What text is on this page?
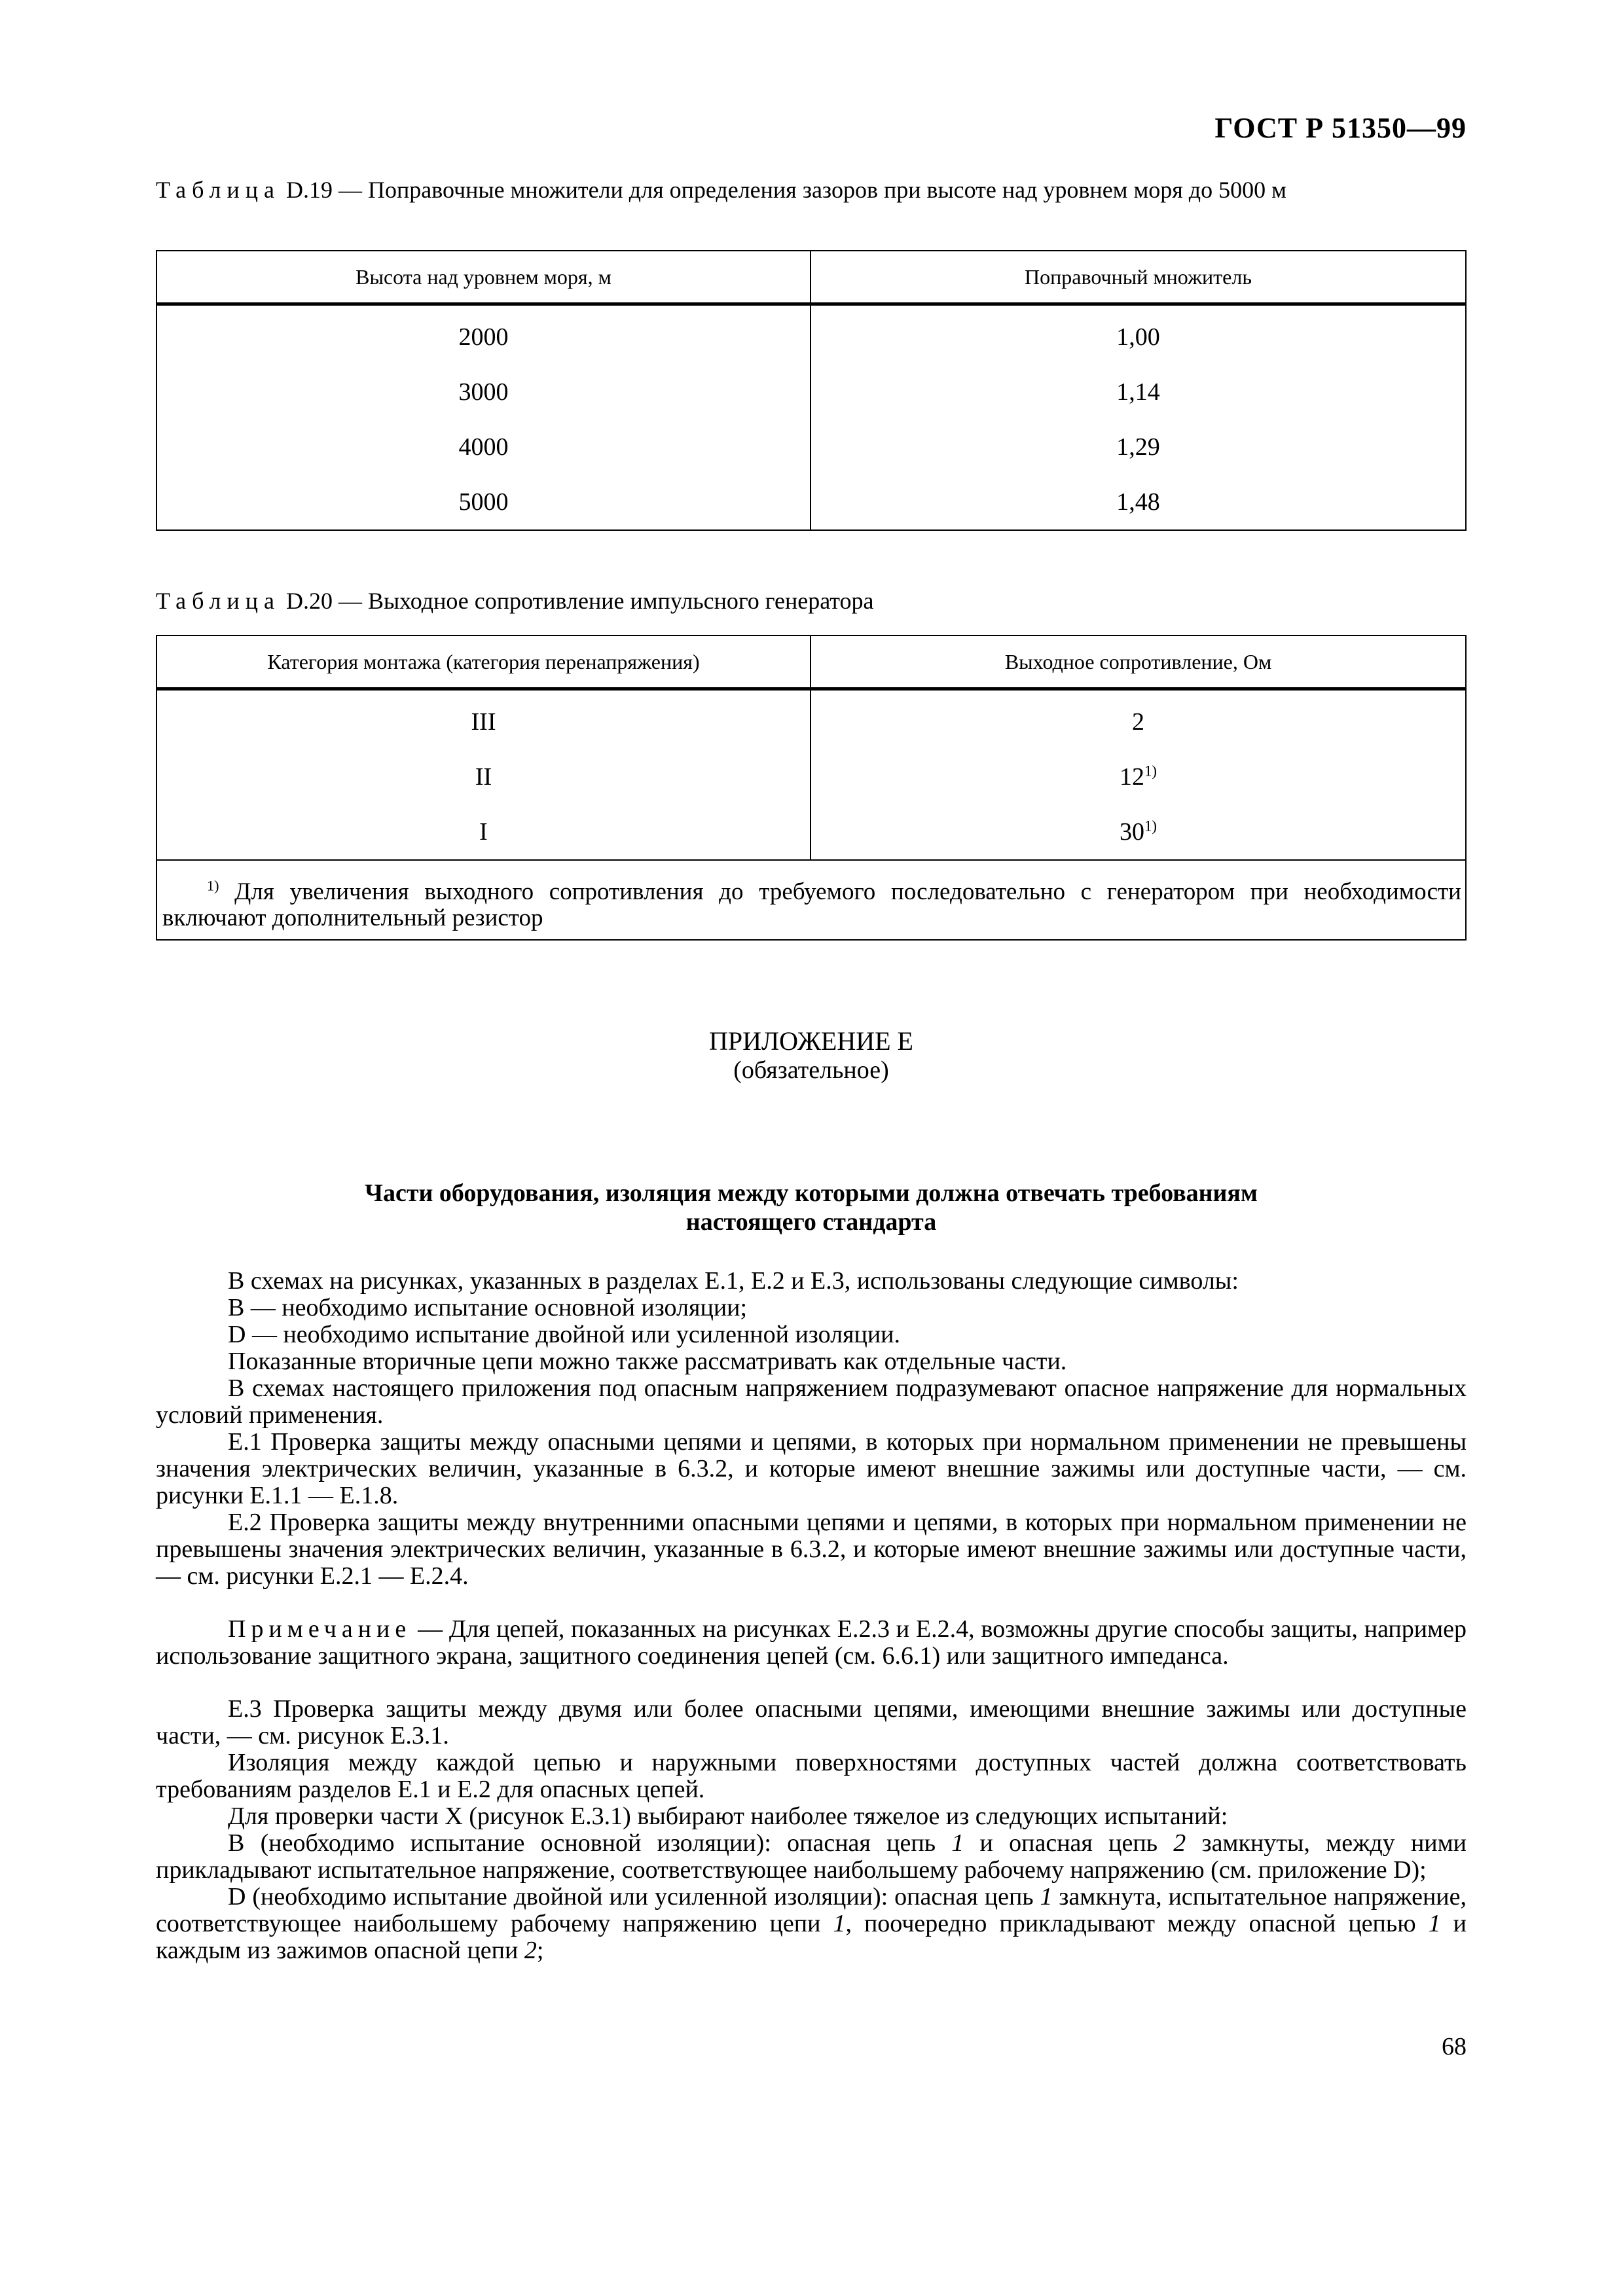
ГОСТ Р 51350—99
Таблица D.19 — Поправочные множители для определения зазоров при высоте над уровнем моря до 5000 м
Высота над уровнем моря, м	Поправочный множитель
2000	1,00
3000	1,14
4000	1,29
5000	1,48
Таблица D.20 — Выходное сопротивление импульсного генератора
Категория монтажа (категория перенапряжения)	Выходное сопротивление, Ом
III	2
II	12$^{1)}$
I	30$^{1)}$
$^{1)}$ Для увеличения выходного сопротивления до требуемого последовательно с генератором при необходимости включают дополнительный резистор	
ПРИЛОЖЕНИЕ Е
(обязательное)
Части оборудования, изоляция между которыми должна отвечать требованиям
настоящего стандарта

В схемах на рисунках, указанных в разделах Е.1, Е.2 и Е.3, использованы следующие символы:

В — необходимо испытание основной изоляции;

D — необходимо испытание двойной или усиленной изоляции.

Показанные вторичные цепи можно также рассматривать как отдельные части.

В схемах настоящего приложения под опасным напряжением подразумевают опасное напряжение для нормальных условий применения.

Е.1 Проверка защиты между опасными цепями и цепями, в которых при нормальном применении не превышены значения электрических величин, указанные в 6.3.2, и которые имеют внешние зажимы или доступные части, — см. рисунки Е.1.1 — Е.1.8.

Е.2 Проверка защиты между внутренними опасными цепями и цепями, в которых при нормальном применении не превышены значения электрических величин, указанные в 6.3.2, и которые имеют внешние зажимы или доступные части, — см. рисунки Е.2.1 — Е.2.4.

Примечание — Для цепей, показанных на рисунках Е.2.3 и Е.2.4, возможны другие способы защиты, например использование защитного экрана, защитного соединения цепей (см. 6.6.1) или защитного импеданса.

Е.3 Проверка защиты между двумя или более опасными цепями, имеющими внешние зажимы или доступные части, — см. рисунок Е.3.1.

Изоляция между каждой цепью и наружными поверхностями доступных частей должна соответствовать требованиям разделов Е.1 и Е.2 для опасных цепей.

Для проверки части X (рисунок Е.3.1) выбирают наиболее тяжелое из следующих испытаний:

В (необходимо испытание основной изоляции): опасная цепь 1 и опасная цепь 2 замкнуты, между ними прикладывают испытательное напряжение, соответствующее наибольшему рабочему напряжению (см. приложение D);

D (необходимо испытание двойной или усиленной изоляции): опасная цепь 1 замкнута, испытательное напряжение, соответствующее наибольшему рабочему напряжению цепи 1, поочередно прикладывают между опасной цепью 1 и каждым из зажимов опасной цепи 2;

68
